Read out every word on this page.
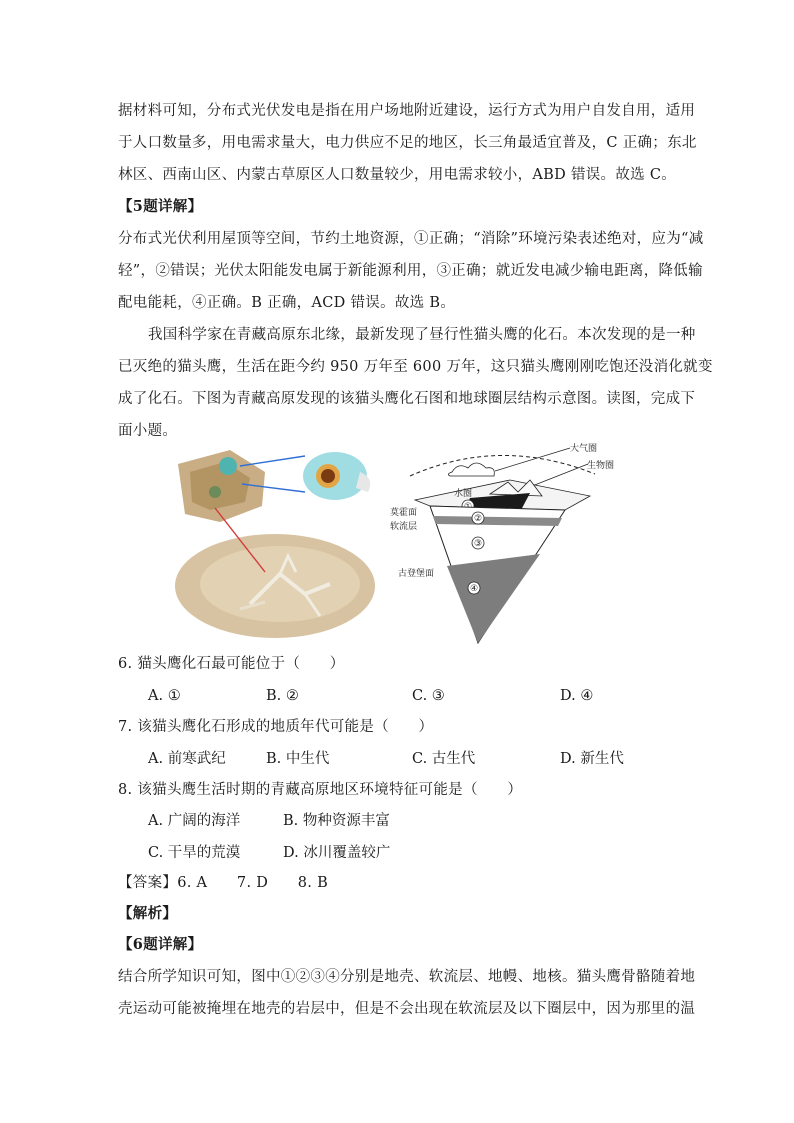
据材料可知，分布式光伏发电是指在用户场地附近建设，运行方式为用户自发自用，适用
于人口数量多，用电需求量大，电力供应不足的地区，长三角最适宜普及，C 正确；东北
林区、西南山区、内蒙古草原区人口数量较少，用电需求较小，ABD 错误。故选 C。
【5题详解】
分布式光伏利用屋顶等空间，节约土地资源，①正确；“消除”环境污染表述绝对，应为“减
轻”，②错误；光伏太阳能发电属于新能源利用，③正确；就近发电减少输电距离，降低输
配电能耗，④正确。B 正确，ACD 错误。故选 B。
我国科学家在青藏高原东北缘，最新发现了昼行性猫头鹰的化石。本次发现的是一种
已灭绝的猫头鹰，生活在距今约 950 万年至 600 万年，这只猫头鹰刚刚吃饱还没消化就变
成了化石。下图为青藏高原发现的该猫头鹰化石图和地球圈层结构示意图。读图，完成下
面小题。
大气圈
生物圈
水圈
②
③
④
莫霍面
软流层
古登堡面
6. 猫头鹰化石最可能位于（　　）
A. ①	B. ②	C. ③	D. ④
7. 该猫头鹰化石形成的地质年代可能是（　　）
A. 前寒武纪	B. 中生代	C. 古生代	D. 新生代
8. 该猫头鹰生活时期的青藏高原地区环境特征可能是（　　）
A. 广阔的海洋	B. 物种资源丰富
C. 干旱的荒漠	D. 冰川覆盖较广
【答案】6. A　　7. D　　8. B
【解析】
【6题详解】
结合所学知识可知，图中①②③④分别是地壳、软流层、地幔、地核。猫头鹰骨骼随着地
壳运动可能被掩埋在地壳的岩层中，但是不会出现在软流层及以下圈层中，因为那里的温
